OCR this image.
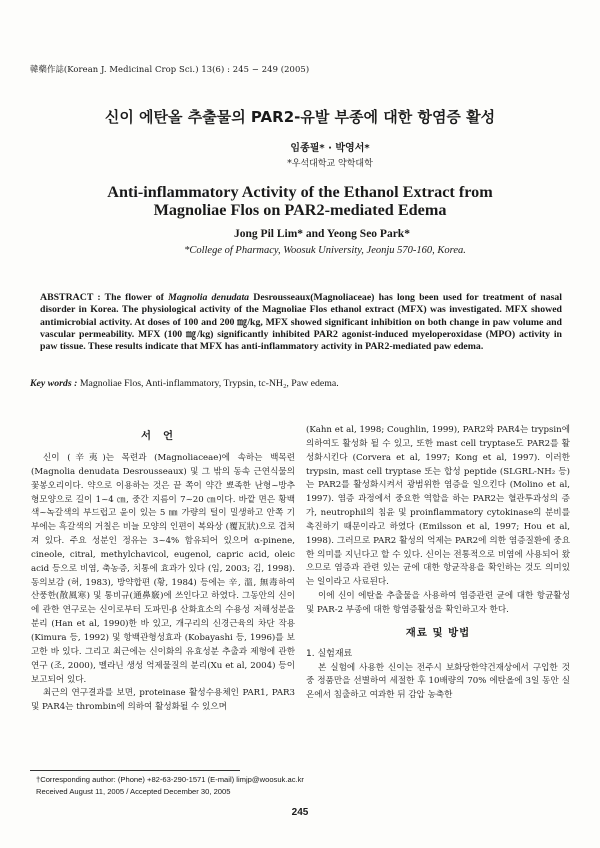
韓藥作誌(Korean J. Medicinal Crop Sci.) 13(6) : 245 − 249 (2005)
신이 에탄올 추출물의 PAR2-유발 부종에 대한 항염증 활성
임종필* · 박영서*
*우석대학교 약학대학
Anti-inflammatory Activity of the Ethanol Extract from Magnoliae Flos on PAR2-mediated Edema
Jong Pil Lim* and Yeong Seo Park*
*College of Pharmacy, Woosuk University, Jeonju 570-160, Korea.
ABSTRACT : The flower of Magnolia denudata Desrousseaux(Magnoliaceae) has long been used for treatment of nasal disorder in Korea. The physiological activity of the Magnoliae Flos ethanol extract (MFX) was investigated. MFX showed antimicrobial activity. At doses of 100 and 200 ㎎/kg, MFX showed significant inhibition on both change in paw volume and vascular permeability. MFX (100 ㎎/kg) significantly inhibited PAR2 agonist-induced myeloperoxidase (MPO) activity in paw tissue. These results indicate that MFX has anti-inflammatory activity in PAR2-mediated paw edema.
Key words : Magnoliae Flos, Anti-inflammatory, Trypsin, tc-NH₂, Paw edema.
서언

신이 (辛夷)는 목련과 (Magnoliaceae)에 속하는 백목련 (Magnolia denudata Desrousseaux) 및 그 밖의 동속 근연식물의 꽃봉오리이다. 약으로 이용하는 것은 끝 쪽이 약간 뾰족한 난형~방추형모양으로 길이 1~4 ㎝, 중간 지름이 7~20 ㎝이다. 바깥 면은 황백색~녹갈색의 부드럽고 윤이 있는 5 ㎜ 가량의 털이 밀생하고 안쪽 기부에는 흑갈색의 거칠은 비늘 모양의 인편이 복와상 (覆瓦狀)으로 겹쳐져 있다. 주요 성분인 정유는 3~4% 함유되어 있으며 α-pinene, cineole, citral, methylchavicol, eugenol, capric acid, oleic acid 등으로 비염, 축농증, 치통에 효과가 있다 (임, 2003; 김, 1998). 동의보감 (허, 1983), 방약합편 (황, 1984) 등에는 辛, 溫, 無毒하여 산풍한(散風寒) 및 통비규(通鼻竅)에 쓰인다고 하였다. 그동안의 신이에 관한 연구로는 신이로부터 도파민-β 산화효소의 수용성 저해성분을 분리 (Han et al, 1990)한 바 있고, 개구리의 신경근육의 차단 작용 (Kimura 등, 1992) 및 항백관형성효과 (Kobayashi 등, 1996)를 보고한 바 있다. 그리고 최근에는 신이화의 유효성분 추출과 제형에 관한 연구 (조, 2000), 멜라닌 생성 억제물질의 분리(Xu et al, 2004) 등이 보고되어 있다.

최근의 연구결과를 보면, proteinase 활성수용체인 PAR1, PAR3 및 PAR4는 thrombin에 의하여 활성화될 수 있으며

(Kahn et al, 1998; Coughlin, 1999), PAR2와 PAR4는 trypsin에 의하여도 활성화 될 수 있고, 또한 mast cell tryptase도 PAR2를 활성화시킨다 (Corvera et al, 1997; Kong et al, 1997). 이러한 trypsin, mast cell tryptase 또는 합성 peptide (SLGRL-NH₂ 등)는 PAR2를 활성화시켜서 광범위한 염증을 일으킨다 (Molino et al, 1997). 염증 과정에서 중요한 역할을 하는 PAR2는 혈관투과성의 증가, neutrophil의 침윤 및 proinflammatory cytokinase의 분비를 촉진하기 때문이라고 하였다 (Emilsson et al, 1997; Hou et al, 1998). 그러므로 PAR2 활성의 억제는 PAR2에 의한 염증질환에 중요한 의미를 지닌다고 할 수 있다. 신이는 전통적으로 비염에 사용되어 왔으므로 염증과 관련 있는 균에 대한 항균작용을 확인하는 것도 의미있는 일이라고 사료된다.

이에 신이 에탄올 추출물을 사용하여 염증관련 균에 대한 항균활성 및 PAR-2 부종에 대한 항염증활성을 확인하고자 한다.

재료 및 방법

1. 실험재료

본 실험에 사용한 신이는 전주시 보화당한약건재상에서 구입한 것 중 정품만을 선별하여 세절한 후 10배량의 70% 에탄올에 3일 동안 실온에서 침출하고 여과한 뒤 감압 농축한

†Corresponding author: (Phone) +82-63-290-1571 (E-mail) limjp@woosuk.ac.kr
Received August 11, 2005 / Accepted December 30, 2005
245
